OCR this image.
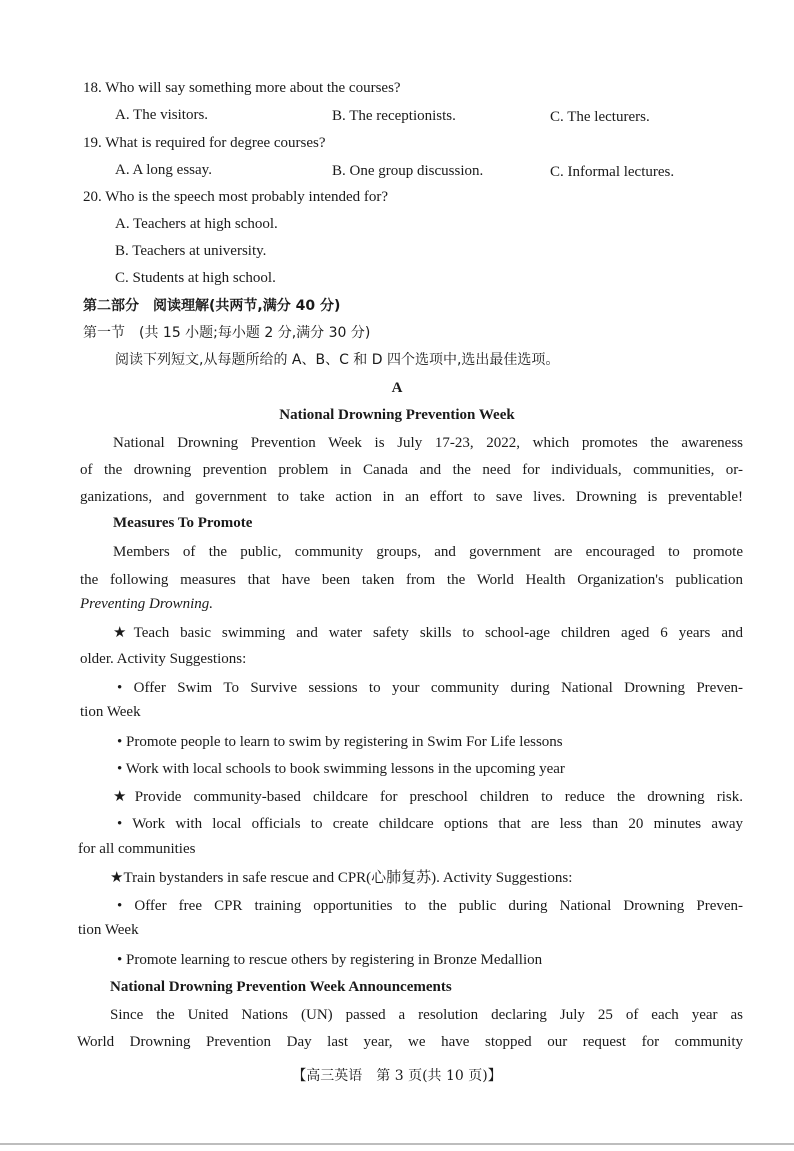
18. Who will say something more about the courses?
A. The visitors.	B. The receptionists.	C. The lecturers.
19. What is required for degree courses?
A. A long essay.	B. One group discussion.	C. Informal lectures.
20. Who is the speech most probably intended for?
A. Teachers at high school.
B. Teachers at university.
C. Students at high school.
第二部分　阅读理解(共两节,满分 40 分)
第一节　(共 15 小题;每小题 2 分,满分 30 分)
阅读下列短文,从每题所给的 A、B、C 和 D 四个选项中,选出最佳选项。
A
National Drowning Prevention Week
National Drowning Prevention Week is July 17-23, 2022, which promotes the awareness
of the drowning prevention problem in Canada and the need for individuals, communities, or-
ganizations, and government to take action in an effort to save lives. Drowning is preventable!
Measures To Promote
Members of the public, community groups, and government are encouraged to promote
the following measures that have been taken from the World Health Organization's publication
Preventing Drowning.
★Teach basic swimming and water safety skills to school-age children aged 6 years and
older. Activity Suggestions:
• Offer Swim To Survive sessions to your community during National Drowning Preven-
tion Week
• Promote people to learn to swim by registering in Swim For Life lessons
• Work with local schools to book swimming lessons in the upcoming year
★Provide community-based childcare for preschool children to reduce the drowning risk.
• Work with local officials to create childcare options that are less than 20 minutes away
for all communities
★Train bystanders in safe rescue and CPR(心肺复苏). Activity Suggestions:
• Offer free CPR training opportunities to the public during National Drowning Preven-
tion Week
• Promote learning to rescue others by registering in Bronze Medallion
National Drowning Prevention Week Announcements
Since the United Nations (UN) passed a resolution declaring July 25 of each year as
World Drowning Prevention Day last year, we have stopped our request for community
【高三英语　第 3 页(共 10 页)】
